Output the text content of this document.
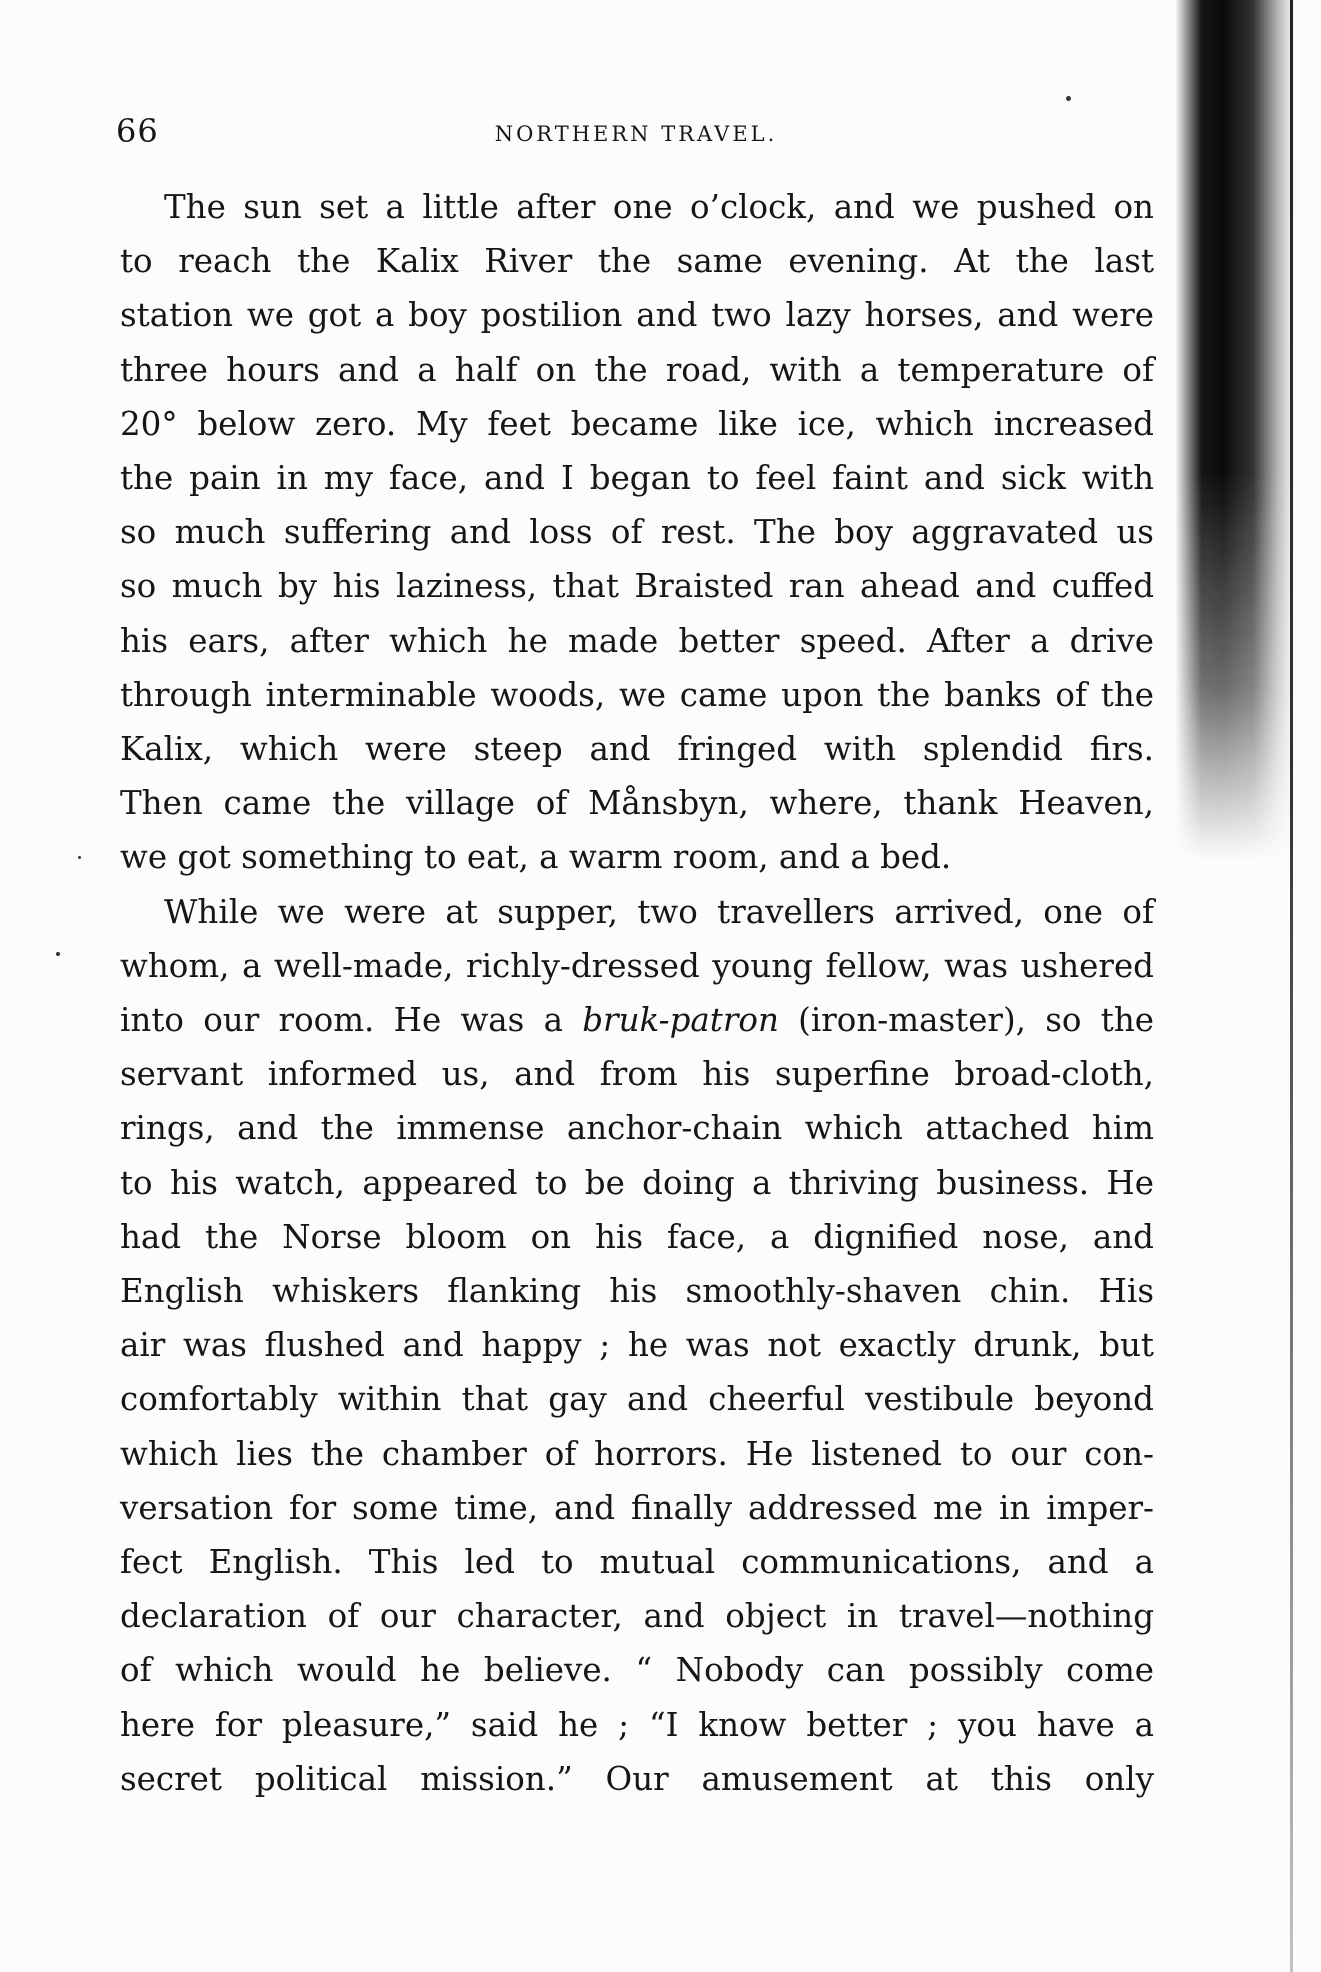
66	NORTHERN TRAVEL.
The sun set a little after one o’clock, and we pushed on
to reach the Kalix River the same evening. At the last
station we got a boy postilion and two lazy horses, and were
three hours and a half on the road, with a temperature of
20° below zero. My feet became like ice, which increased
the pain in my face, and I began to feel faint and sick with
so much suffering and loss of rest. The boy aggravated us
so much by his laziness, that Braisted ran ahead and cuffed
his ears, after which he made better speed. After a drive
through interminable woods, we came upon the banks of the
Kalix, which were steep and fringed with splendid firs.
Then came the village of Månsbyn, where, thank Heaven,
we got something to eat, a warm room, and a bed.
While we were at supper, two travellers arrived, one of
whom, a well-made, richly-dressed young fellow, was ushered
into our room. He was a bruk-patron (iron-master), so the
servant informed us, and from his superfine broad-cloth,
rings, and the immense anchor-chain which attached him
to his watch, appeared to be doing a thriving business. He
had the Norse bloom on his face, a dignified nose, and
English whiskers flanking his smoothly-shaven chin. His
air was flushed and happy ; he was not exactly drunk, but
comfortably within that gay and cheerful vestibule beyond
which lies the chamber of horrors. He listened to our con-
versation for some time, and finally addressed me in imper-
fect English. This led to mutual communications, and a
declaration of our character, and object in travel—nothing
of which would he believe. “ Nobody can possibly come
here for pleasure,” said he ; “I know better ; you have a
secret political mission.” Our amusement at this only
